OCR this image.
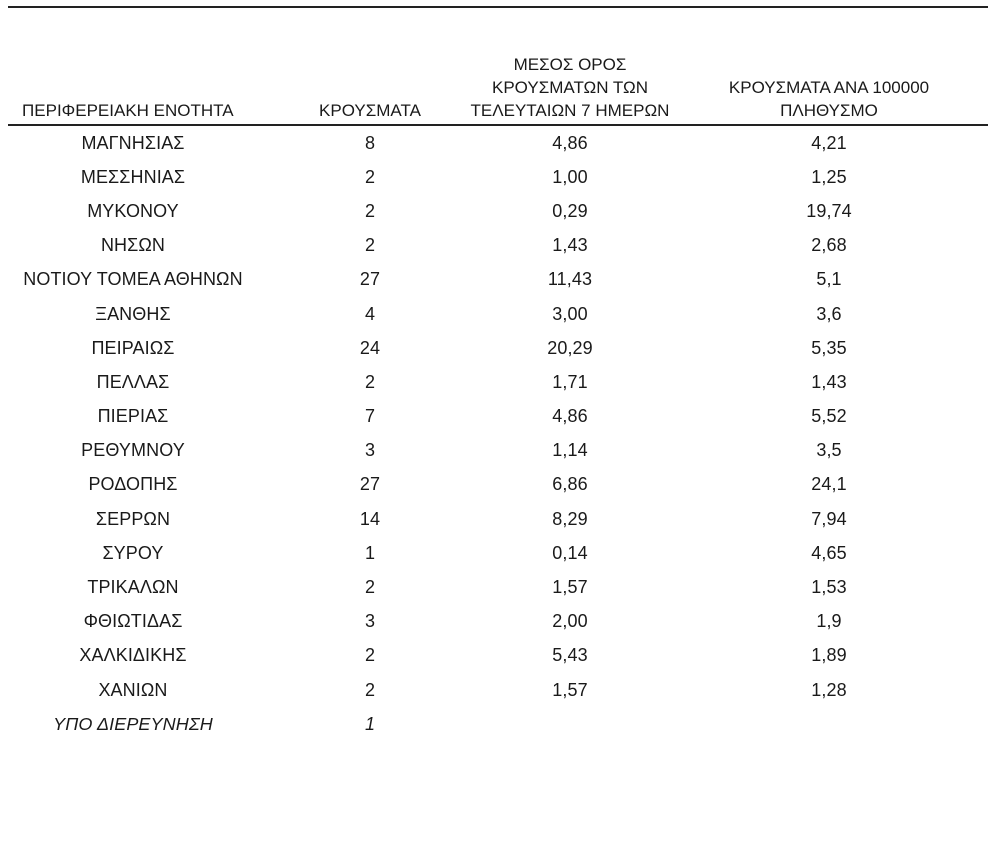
ΠΕΡΙΦΕΡΕΙΑΚΗ ΕΝΟΤΗΤΑ	ΚΡΟΥΣΜΑΤΑ	ΜΕΣΟΣ ΟΡΟΣ
ΚΡΟΥΣΜΑΤΩΝ ΤΩΝ
ΤΕΛΕΥΤΑΙΩΝ 7 ΗΜΕΡΩΝ	ΚΡΟΥΣΜΑΤΑ ΑΝΑ 100000
ΠΛΗΘΥΣΜΟ

ΜΑΓΝΗΣΙΑΣ	8	4,86	4,21
ΜΕΣΣΗΝΙΑΣ	2	1,00	1,25
ΜΥΚΟΝΟΥ	2	0,29	19,74
ΝΗΣΩΝ	2	1,43	2,68
ΝΟΤΙΟΥ ΤΟΜΕΑ ΑΘΗΝΩΝ	27	11,43	5,1
ΞΑΝΘΗΣ	4	3,00	3,6
ΠΕΙΡΑΙΩΣ	24	20,29	5,35
ΠΕΛΛΑΣ	2	1,71	1,43
ΠΙΕΡΙΑΣ	7	4,86	5,52
ΡΕΘΥΜΝΟΥ	3	1,14	3,5
ΡΟΔΟΠΗΣ	27	6,86	24,1
ΣΕΡΡΩΝ	14	8,29	7,94
ΣΥΡΟΥ	1	0,14	4,65
ΤΡΙΚΑΛΩΝ	2	1,57	1,53
ΦΘΙΩΤΙΔΑΣ	3	2,00	1,9
ΧΑΛΚΙΔΙΚΗΣ	2	5,43	1,89
ΧΑΝΙΩΝ	2	1,57	1,28
ΥΠΟ ΔΙΕΡΕΥΝΗΣΗ	1		
